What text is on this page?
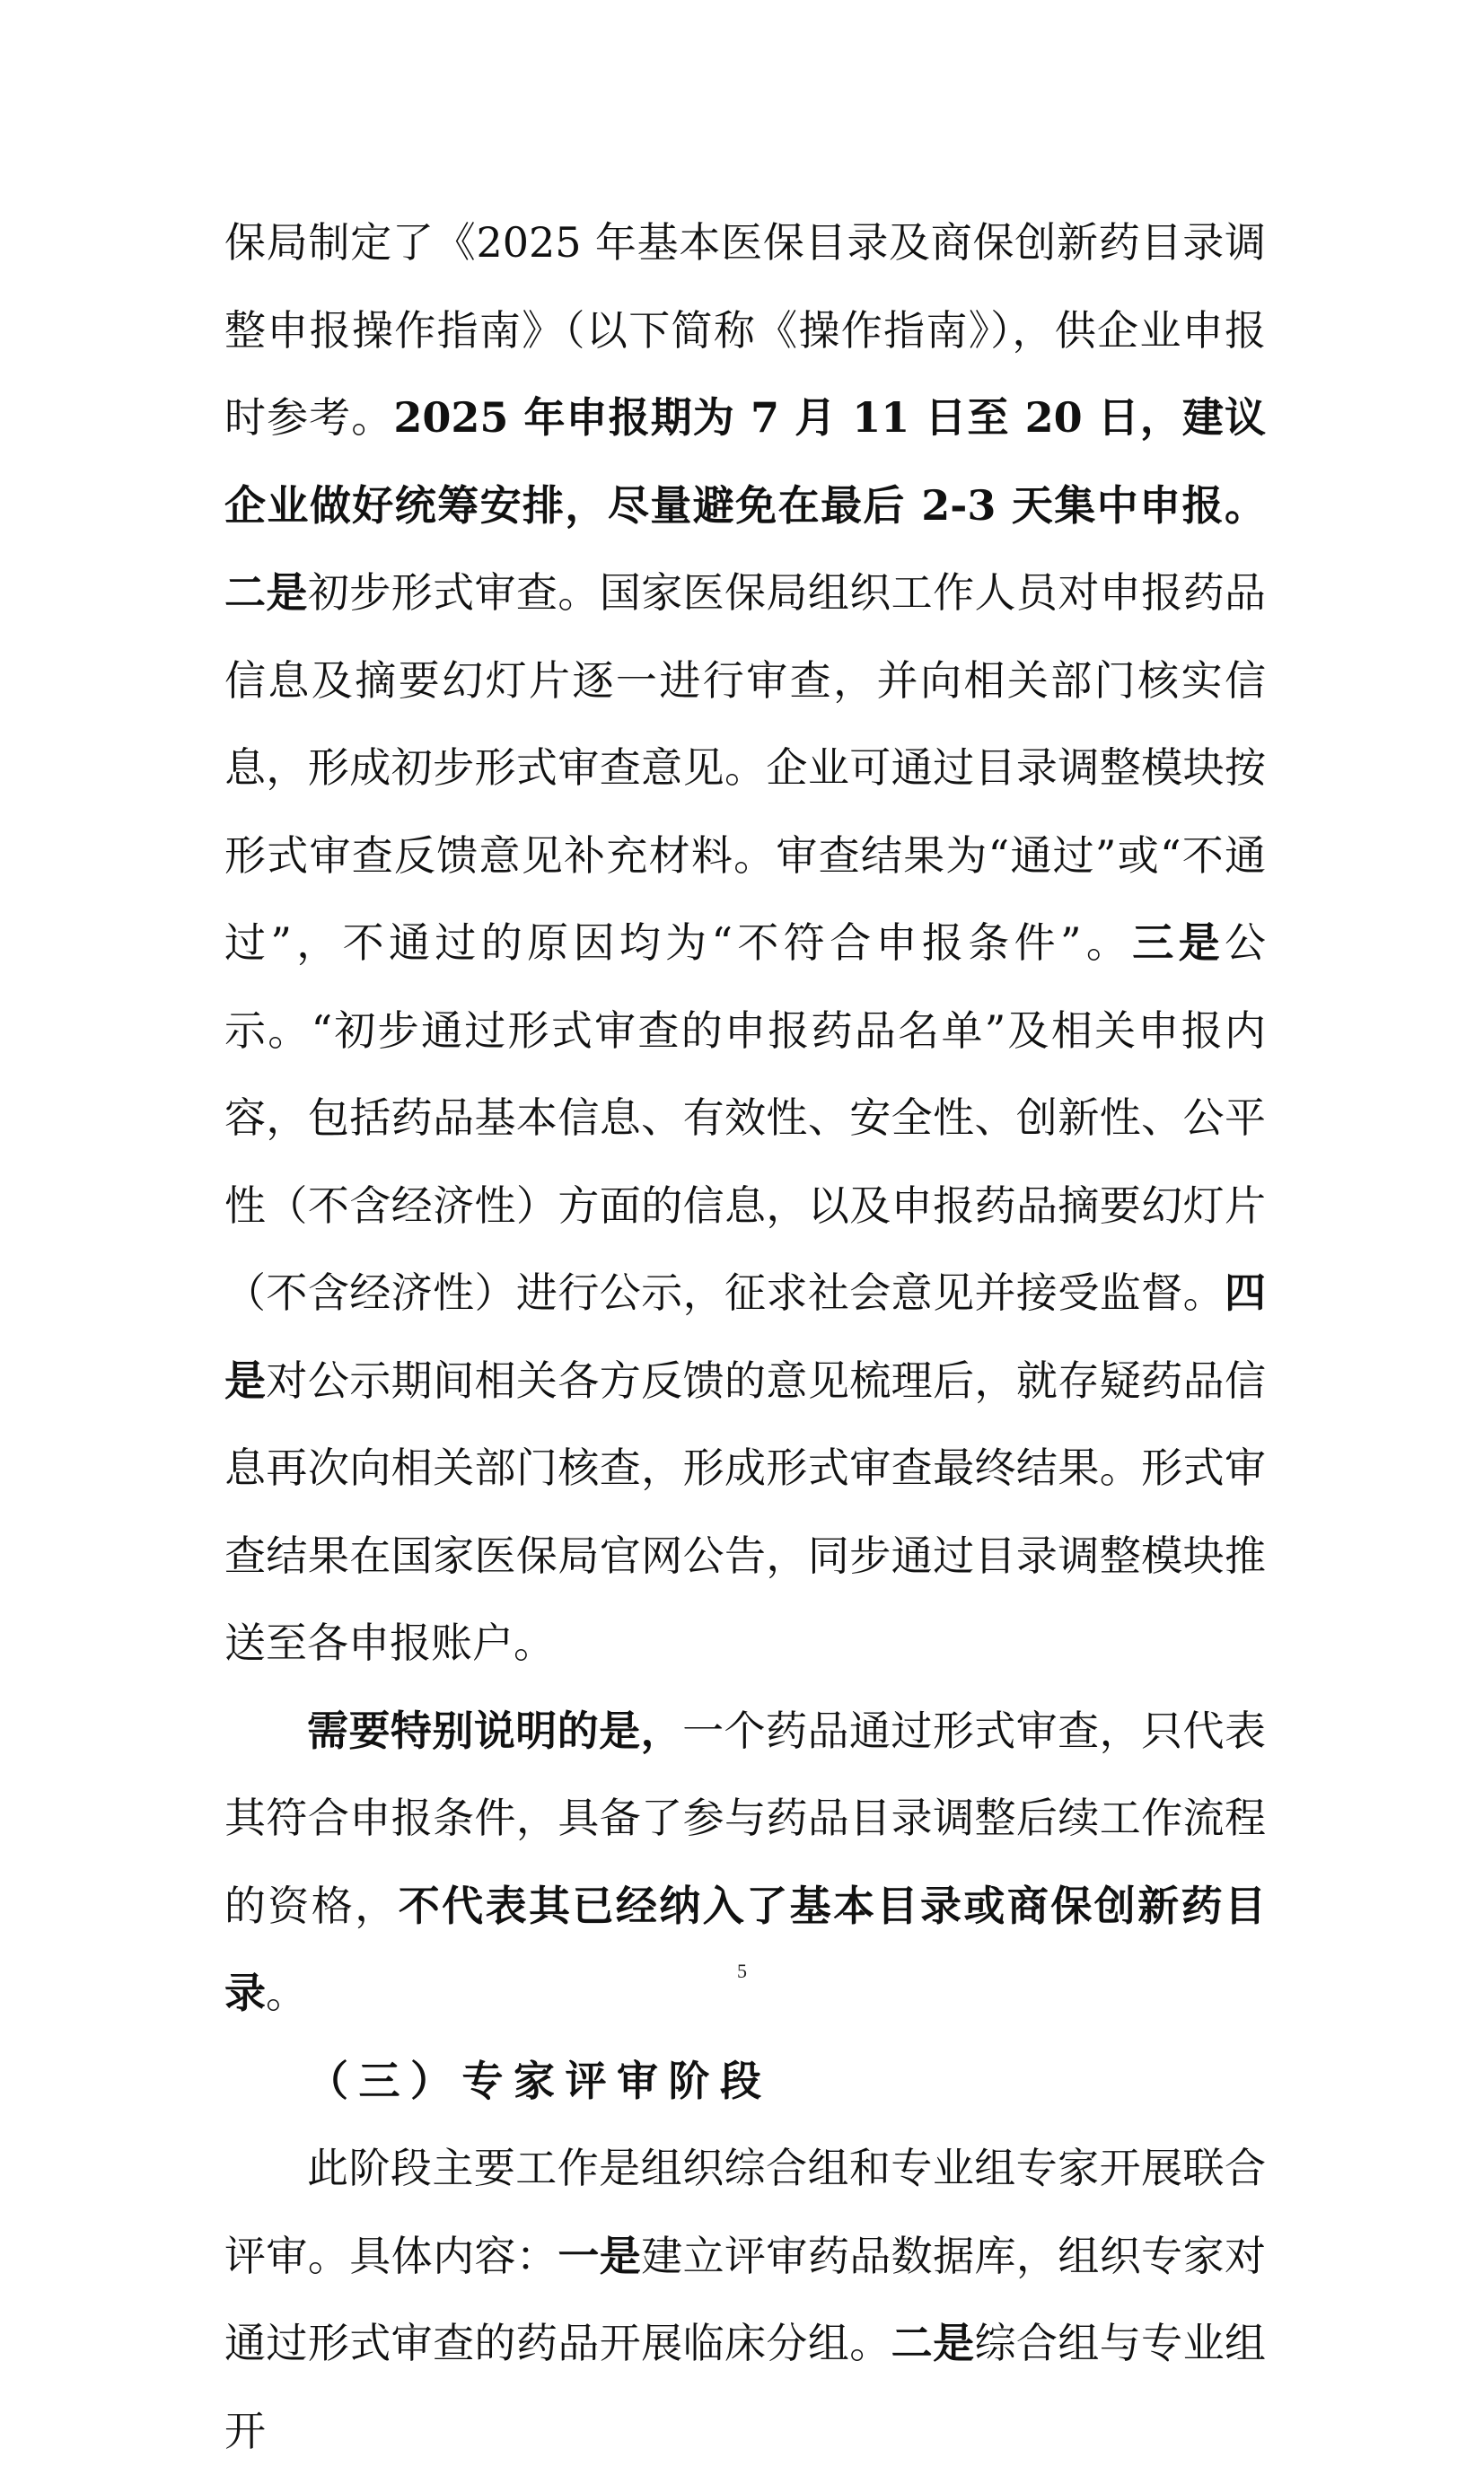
保局制定了《2025 年基本医保目录及商保创新药目录调整申报操作指南》（以下简称《操作指南》），供企业申报时参考。2025 年申报期为 7 月 11 日至 20 日，建议企业做好统筹安排，尽量避免在最后 2-3 天集中申报。二是初步形式审查。国家医保局组织工作人员对申报药品信息及摘要幻灯片逐一进行审查，并向相关部门核实信息，形成初步形式审查意见。企业可通过目录调整模块按形式审查反馈意见补充材料。审查结果为“通过”或“不通过”，不通过的原因均为“不符合申报条件”。三是公示。“初步通过形式审查的申报药品名单”及相关申报内容，包括药品基本信息、有效性、安全性、创新性、公平性（不含经济性）方面的信息，以及申报药品摘要幻灯片（不含经济性）进行公示，征求社会意见并接受监督。四是对公示期间相关各方反馈的意见梳理后，就存疑药品信息再次向相关部门核查，形成形式审查最终结果。形式审查结果在国家医保局官网公告，同步通过目录调整模块推送至各申报账户。

需要特别说明的是，一个药品通过形式审查，只代表其符合申报条件，具备了参与药品目录调整后续工作流程的资格，不代表其已经纳入了基本目录或商保创新药目录。

（三）专家评审阶段

此阶段主要工作是组织综合组和专业组专家开展联合评审。具体内容：一是建立评审药品数据库，组织专家对通过形式审查的药品开展临床分组。二是综合组与专业组开

5
